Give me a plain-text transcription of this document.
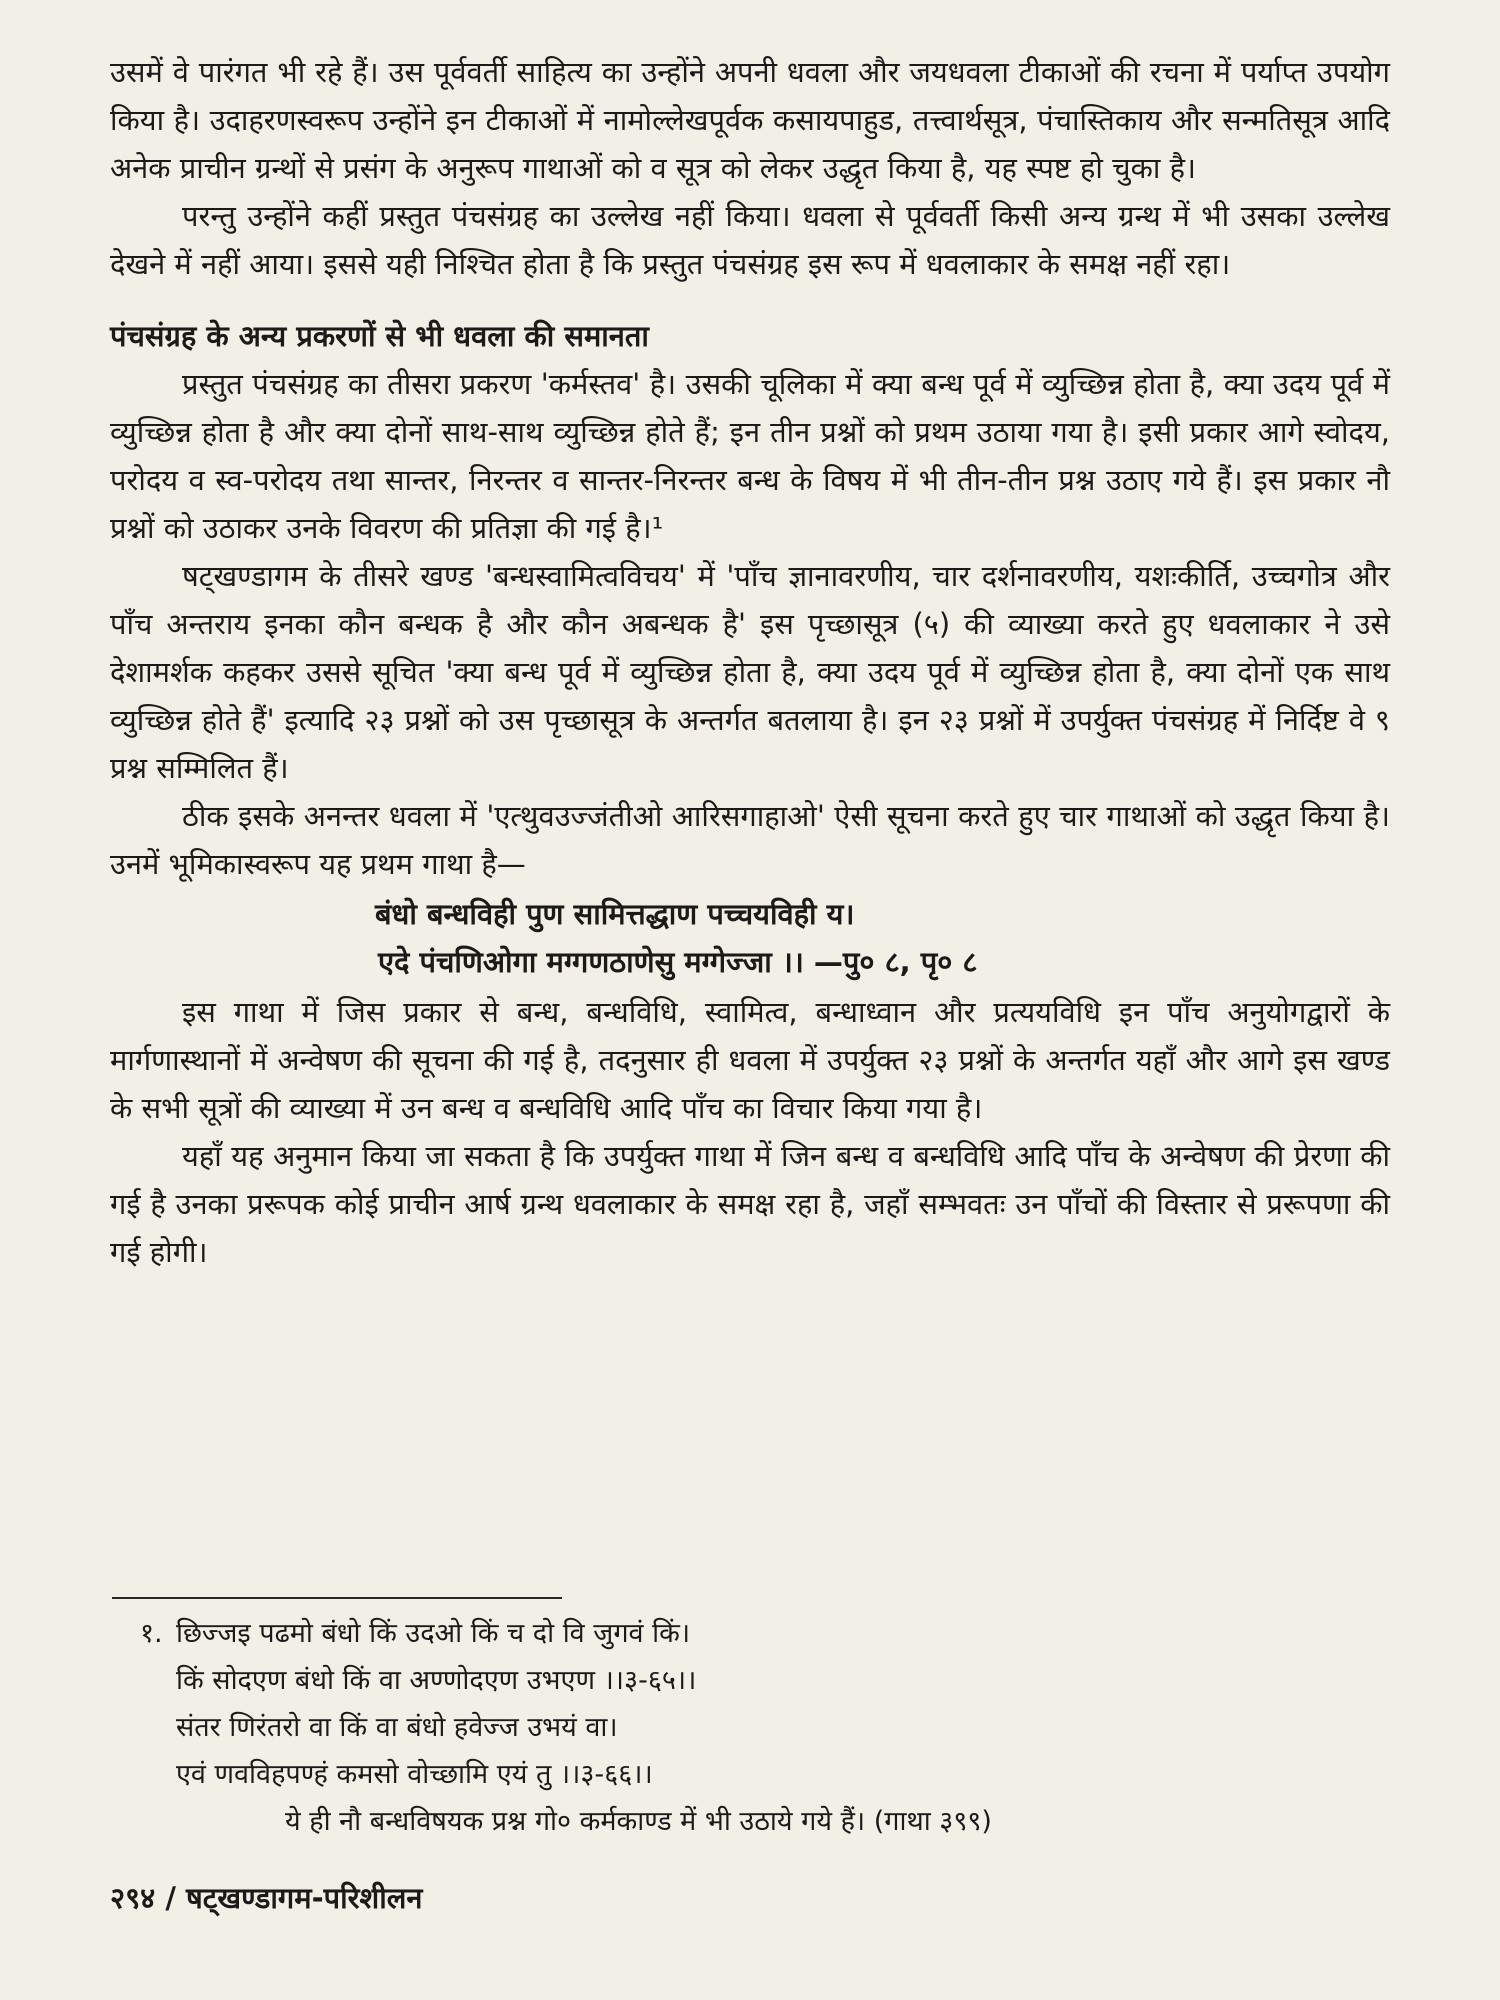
उसमें वे पारंगत भी रहे हैं। उस पूर्ववर्ती साहित्य का उन्होंने अपनी धवला और जयधवला टीकाओं की रचना में पर्याप्त उपयोग किया है। उदाहरणस्वरूप उन्होंने इन टीकाओं में नामोल्लेखपूर्वक कसायपाहुड, तत्त्वार्थसूत्र, पंचास्तिकाय और सन्मतिसूत्र आदि अनेक प्राचीन ग्रन्थों से प्रसंग के अनुरूप गाथाओं को व सूत्र को लेकर उद्धृत किया है, यह स्पष्ट हो चुका है।

परन्तु उन्होंने कहीं प्रस्तुत पंचसंग्रह का उल्लेख नहीं किया। धवला से पूर्ववर्ती किसी अन्य ग्रन्थ में भी उसका उल्लेख देखने में नहीं आया। इससे यही निश्चित होता है कि प्रस्तुत पंचसंग्रह इस रूप में धवलाकार के समक्ष नहीं रहा।

पंचसंग्रह के अन्य प्रकरणों से भी धवला की समानता

प्रस्तुत पंचसंग्रह का तीसरा प्रकरण 'कर्मस्तव' है। उसकी चूलिका में क्या बन्ध पूर्व में व्युच्छिन्न होता है, क्या उदय पूर्व में व्युच्छिन्न होता है और क्या दोनों साथ-साथ व्युच्छिन्न होते हैं; इन तीन प्रश्नों को प्रथम उठाया गया है। इसी प्रकार आगे स्वोदय, परोदय व स्व-परोदय तथा सान्तर, निरन्तर व सान्तर-निरन्तर बन्ध के विषय में भी तीन-तीन प्रश्न उठाए गये हैं। इस प्रकार नौ प्रश्नों को उठाकर उनके विवरण की प्रतिज्ञा की गई है।¹

षट्खण्डागम के तीसरे खण्ड 'बन्धस्वामित्वविचय' में 'पाँच ज्ञानावरणीय, चार दर्शनावरणीय, यशःकीर्ति, उच्चगोत्र और पाँच अन्तराय इनका कौन बन्धक है और कौन अबन्धक है' इस पृच्छासूत्र (५) की व्याख्या करते हुए धवलाकार ने उसे देशामर्शक कहकर उससे सूचित 'क्या बन्ध पूर्व में व्युच्छिन्न होता है, क्या उदय पूर्व में व्युच्छिन्न होता है, क्या दोनों एक साथ व्युच्छिन्न होते हैं' इत्यादि २३ प्रश्नों को उस पृच्छासूत्र के अन्तर्गत बतलाया है। इन २३ प्रश्नों में उपर्युक्त पंचसंग्रह में निर्दिष्ट वे ९ प्रश्न सम्मिलित हैं।

ठीक इसके अनन्तर धवला में 'एत्थुवउज्जंतीओ आरिसगाहाओ' ऐसी सूचना करते हुए चार गाथाओं को उद्धृत किया है। उनमें भूमिकास्वरूप यह प्रथम गाथा है—

बंधो बन्धविही पुण सामित्तद्धाण पच्चयविही य।
एदे पंचणिओगा मग्गणठाणेसु मग्गेज्जा ।। —पु० ८, पृ० ८

इस गाथा में जिस प्रकार से बन्ध, बन्धविधि, स्वामित्व, बन्धाध्वान और प्रत्ययविधि इन पाँच अनुयोगद्वारों के मार्गणास्थानों में अन्वेषण की सूचना की गई है, तदनुसार ही धवला में उपर्युक्त २३ प्रश्नों के अन्तर्गत यहाँ और आगे इस खण्ड के सभी सूत्रों की व्याख्या में उन बन्ध व बन्धविधि आदि पाँच का विचार किया गया है।

यहाँ यह अनुमान किया जा सकता है कि उपर्युक्त गाथा में जिन बन्ध व बन्धविधि आदि पाँच के अन्वेषण की प्रेरणा की गई है उनका प्ररूपक कोई प्राचीन आर्ष ग्रन्थ धवलाकार के समक्ष रहा है, जहाँ सम्भवतः उन पाँचों की विस्तार से प्ररूपणा की गई होगी।

१. छिज्जइ पढमो बंधो किं उदओ किं च दो वि जुगवं किं।
किं सोदएण बंधो किं वा अण्णोदएण उभएण ।।३-६५।।
संतर णिरंतरो वा किं वा बंधो हवेज्ज उभयं वा।
एवं णवविहपण्हं कमसो वोच्छामि एयं तु ।।३-६६।।
ये ही नौ बन्धविषयक प्रश्न गो० कर्मकाण्ड में भी उठाये गये हैं। (गाथा ३९९)
२९४ / षट्खण्डागम-परिशीलन
